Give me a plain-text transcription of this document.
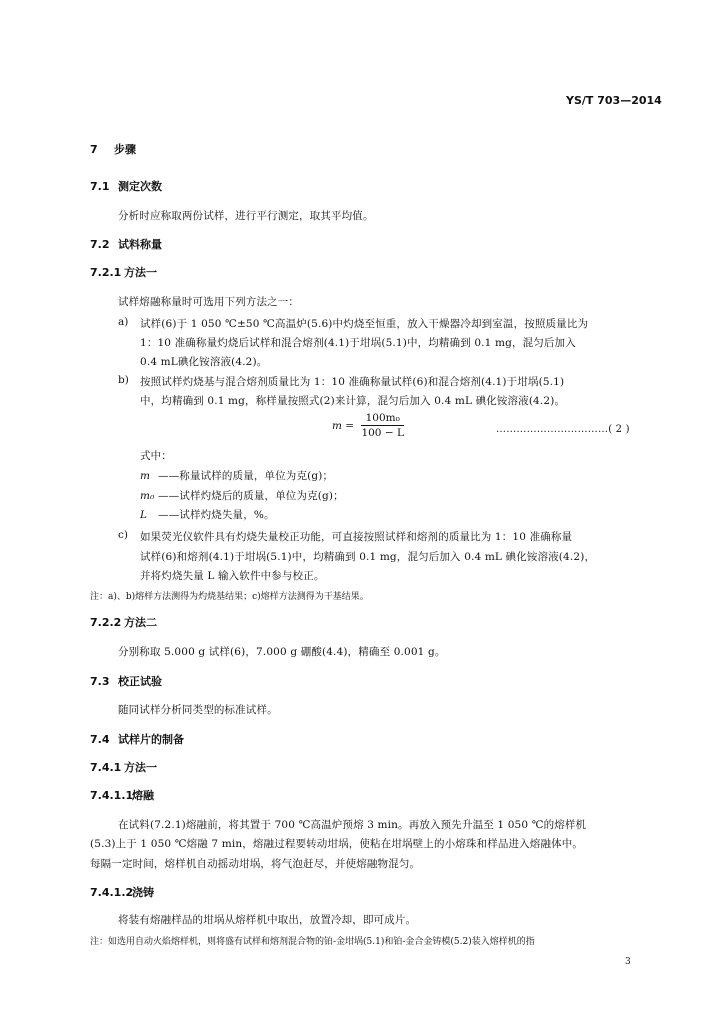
YS/T 703—2014
7 步骤
7.1 测定次数
分析时应称取两份试样，进行平行测定，取其平均值。
7.2 试料称量
7.2.1 方法一
试样熔融称量时可选用下列方法之一：
a) 试样(6)于 1 050 ℃±50 ℃高温炉(5.6)中灼烧至恒重，放入干燥器冷却到室温，按照质量比为
1：10 准确称量灼烧后试样和混合熔剂(4.1)于坩埚(5.1)中，均精确到 0.1 mg，混匀后加入
0.4 mL碘化铵溶液(4.2)。
b) 按照试样灼烧基与混合熔剂质量比为 1：10 准确称量试样(6)和混合熔剂(4.1)于坩埚(5.1)
中，均精确到 0.1 mg，称样量按照式(2)来计算，混匀后加入 0.4 mL 碘化铵溶液(4.2)。
$m = \frac{\text{100m₀}}{100 - L}$	……………………………( 2 )
式中：
m ——称量试样的质量，单位为克(g)；
m₀ ——试样灼烧后的质量，单位为克(g)；
L ——试样灼烧失量，%。
c) 如果荧光仪软件具有灼烧失量校正功能，可直接按照试样和熔剂的质量比为 1：10 准确称量
试样(6)和熔剂(4.1)于坩埚(5.1)中，均精确到 0.1 mg，混匀后加入 0.4 mL 碘化铵溶液(4.2)，
并将灼烧失量 L 输入软件中参与校正。
注：a)、b)熔样方法测得为灼烧基结果；c)熔样方法测得为干基结果。
7.2.2 方法二
分别称取 5.000 g 试样(6)，7.000 g 硼酸(4.4)，精确至 0.001 g。
7.3 校正试验
随同试样分析同类型的标准试样。
7.4 试样片的制备
7.4.1 方法一
7.4.1.1熔融
在试料(7.2.1)熔融前，将其置于 700 ℃高温炉预熔 3 min。再放入预先升温至 1 050 ℃的熔样机
(5.3)上于 1 050 ℃熔融 7 min，熔融过程要转动坩埚，使粘在坩埚壁上的小熔珠和样品进入熔融体中。
每隔一定时间，熔样机自动摇动坩埚，将气泡赶尽，并使熔融物混匀。
7.4.1.2浇铸
将装有熔融样品的坩埚从熔样机中取出，放置冷却，即可成片。
注：如选用自动火焰熔样机，则将盛有试样和熔剂混合物的铂-金坩埚(5.1)和铂-金合金铸模(5.2)装入熔样机的指
3
